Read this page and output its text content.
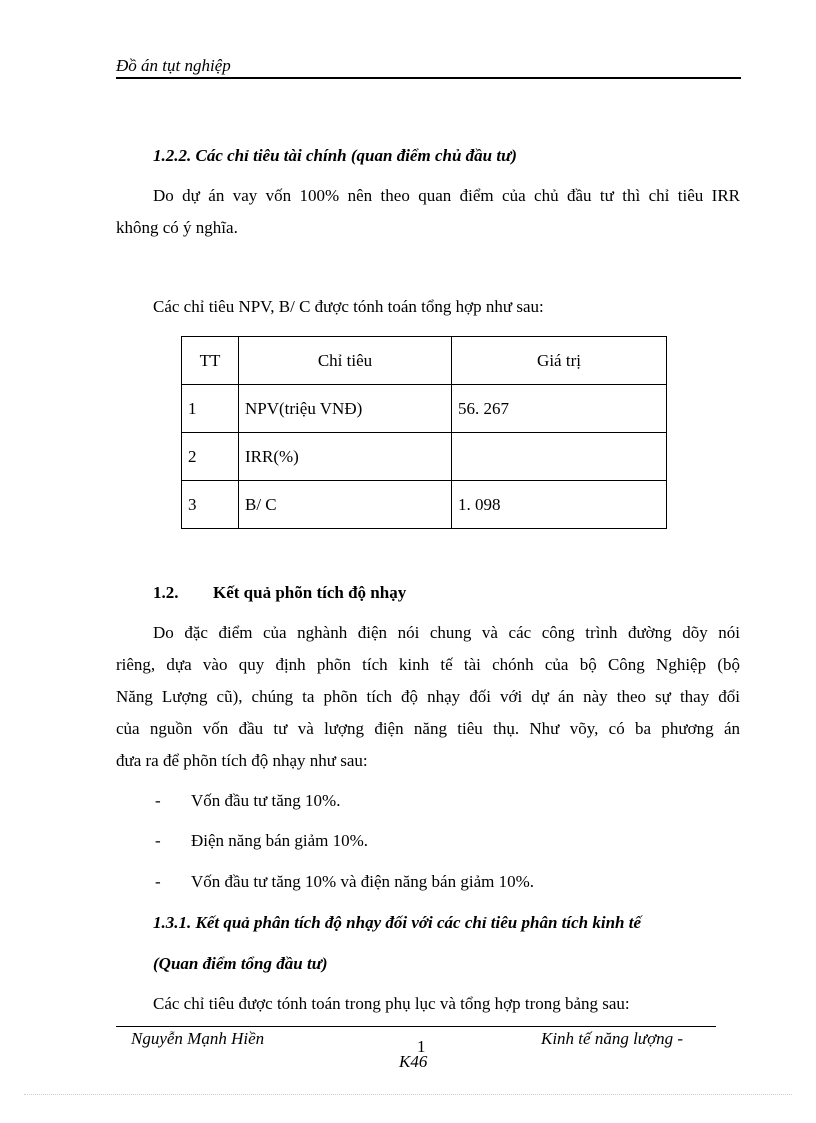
Đồ án tụt nghiệp
1.2.2. Các chỉ tiêu tài chính (quan điểm chủ đầu tư)
Do dự án vay vốn 100% nên theo quan điểm của chủ đầu tư thì chỉ tiêu IRR
không có ý nghĩa.
Các chỉ tiêu NPV, B/ C được tónh toán tổng hợp như sau:
TT	Chỉ tiêu	Giá trị
1	NPV(triệu VNĐ)	56. 267
2	IRR(%)	
3	B/ C	1. 098
1.2. Kết quả phõn tích độ nhạy
Do đặc điểm của nghành điện nói chung và các công trình đường dõy nói
riêng, dựa vào quy định phõn tích kinh tế tài chónh của bộ Công Nghiệp (bộ
Năng Lượng cũ), chúng ta phõn tích độ nhạy đối với dự án này theo sự thay đổi
của nguồn vốn đầu tư và lượng điện năng tiêu thụ. Như võy, có ba phương án
đưa ra để phõn tích độ nhạy như sau:
- Vốn đầu tư tăng 10%.
- Điện năng bán giảm 10%.
- Vốn đầu tư tăng 10% và điện năng bán giảm 10%.
1.3.1. Kết quả phân tích độ nhạy đối với các chỉ tiêu phân tích kinh tế
(Quan điểm tổng đầu tư)
Các chỉ tiêu được tónh toán trong phụ lục và tổng hợp trong bảng sau:
Nguyễn Mạnh Hiền	1	Kinh tế năng lượng -
K46
